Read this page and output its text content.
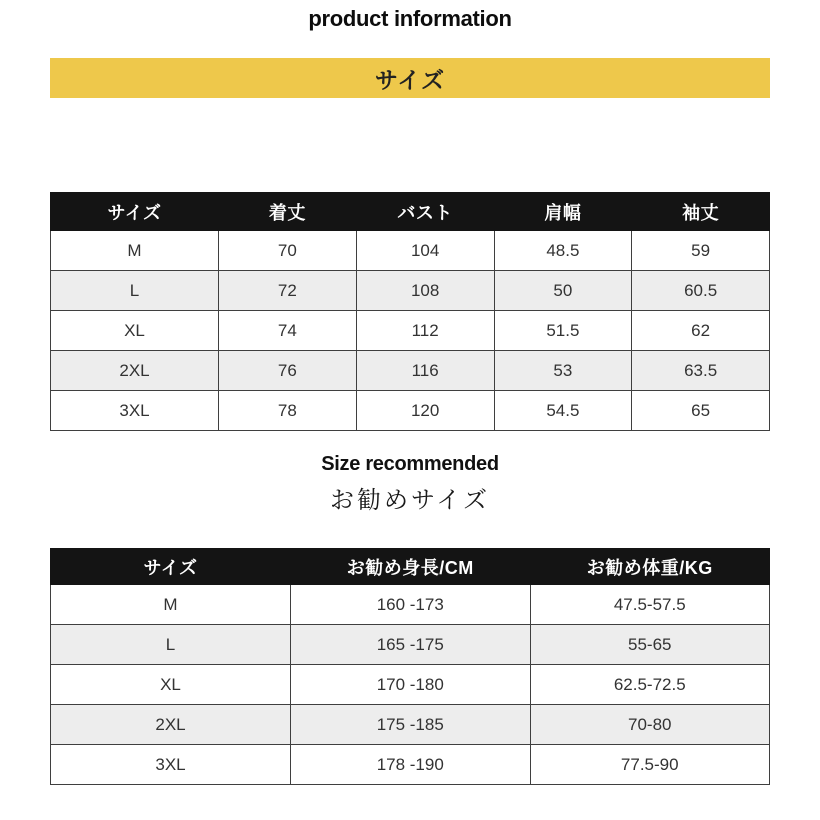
product information
サイズ
サイズ	着丈	バスト	肩幅	袖丈
M	70	104	48.5	59
L	72	108	50	60.5
XL	74	112	51.5	62
2XL	76	116	53	63.5
3XL	78	120	54.5	65
Size recommended
お勧めサイズ
サイズ	お勧め身長/CM	お勧め体重/KG
M	160 -173	47.5-57.5
L	165 -175	55-65
XL	170 -180	62.5-72.5
2XL	175 -185	70-80
3XL	178 -190	77.5-90
